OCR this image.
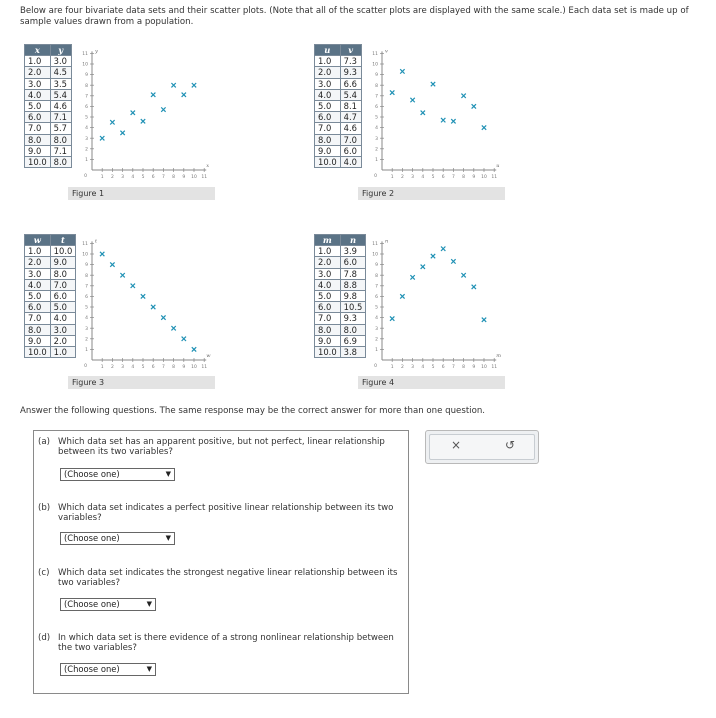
Below are four bivariate data sets and their scatter plots. (Note that all of the scatter plots are displayed with the same scale.) Each data set is made up of sample values drawn from a population.
x	y
1.0	3.0
2.0	4.5
3.0	3.5
4.0	5.4
5.0	4.6
6.0	7.1
7.0	5.7
8.0	8.0
9.0	7.1
10.0	8.0
1
1
2
2
3
3
4
4
5
5
6
6
7
7
8
8
9
9
10
10
11
11
0
x
y
Figure 1
u	v
1.0	7.3
2.0	9.3
3.0	6.6
4.0	5.4
5.0	8.1
6.0	4.7
7.0	4.6
8.0	7.0
9.0	6.0
10.0	4.0
1
1
2
2
3
3
4
4
5
5
6
6
7
7
8
8
9
9
10
10
11
11
0
u
v
Figure 2
w	t
1.0	10.0
2.0	9.0
3.0	8.0
4.0	7.0
5.0	6.0
6.0	5.0
7.0	4.0
8.0	3.0
9.0	2.0
10.0	1.0
1
1
2
2
3
3
4
4
5
5
6
6
7
7
8
8
9
9
10
10
11
11
0
w
t
Figure 3
m	n
1.0	3.9
2.0	6.0
3.0	7.8
4.0	8.8
5.0	9.8
6.0	10.5
7.0	9.3
8.0	8.0
9.0	6.9
10.0	3.8
1
1
2
2
3
3
4
4
5
5
6
6
7
7
8
8
9
9
10
10
11
11
0
m
n
Figure 4
Answer the following questions. The same response may be the correct answer for more than one question.
(a) Which data set has an apparent positive, but not perfect, linear relationship between its two variables?
(Choose one)	▼
(b) Which data set indicates a perfect positive linear relationship between its two variables?
(Choose one)	▼
(c) Which data set indicates the strongest negative linear relationship between its two variables?
(Choose one)	▼
(d) In which data set is there evidence of a strong nonlinear relationship between the two variables?
(Choose one)	▼
×	↺
